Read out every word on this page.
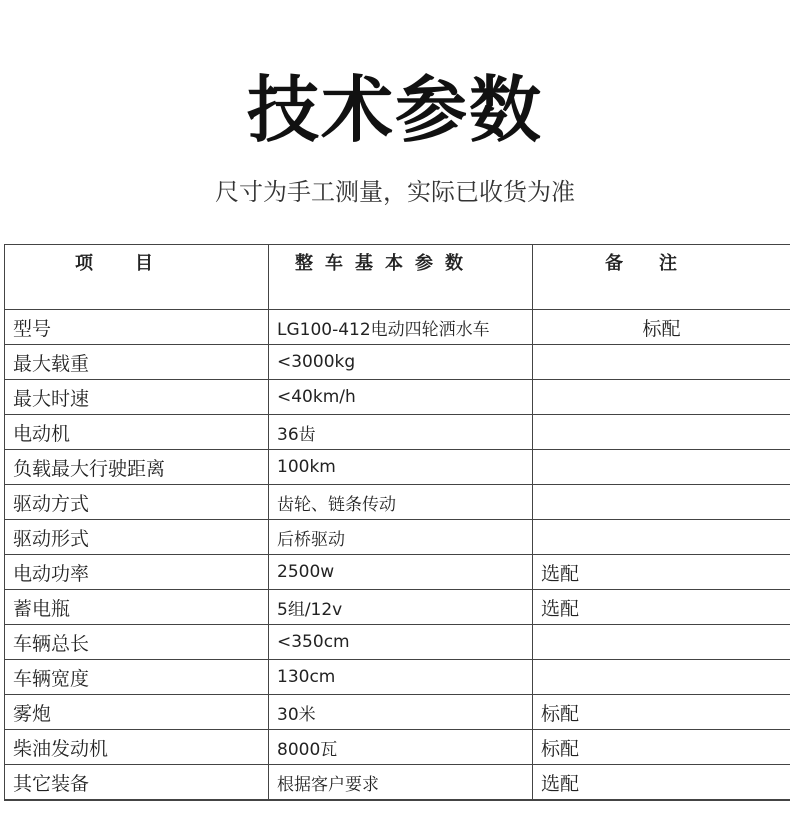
技术参数
尺寸为手工测量，实际已收货为准
项　　目	整车基本参数	备　　注
型号	LG100-412电动四轮洒水车	标配
最大载重	<3000kg	
最大时速	<40km/h	
电动机	36齿	
负载最大行驶距离	100km	
驱动方式	齿轮、链条传动	
驱动形式	后桥驱动	
电动功率	2500w	选配
蓄电瓶	5组/12v	选配
车辆总长	<350cm	
车辆宽度	130cm	
雾炮	30米	标配
柴油发动机	8000瓦	标配
其它装备	根据客户要求	选配
